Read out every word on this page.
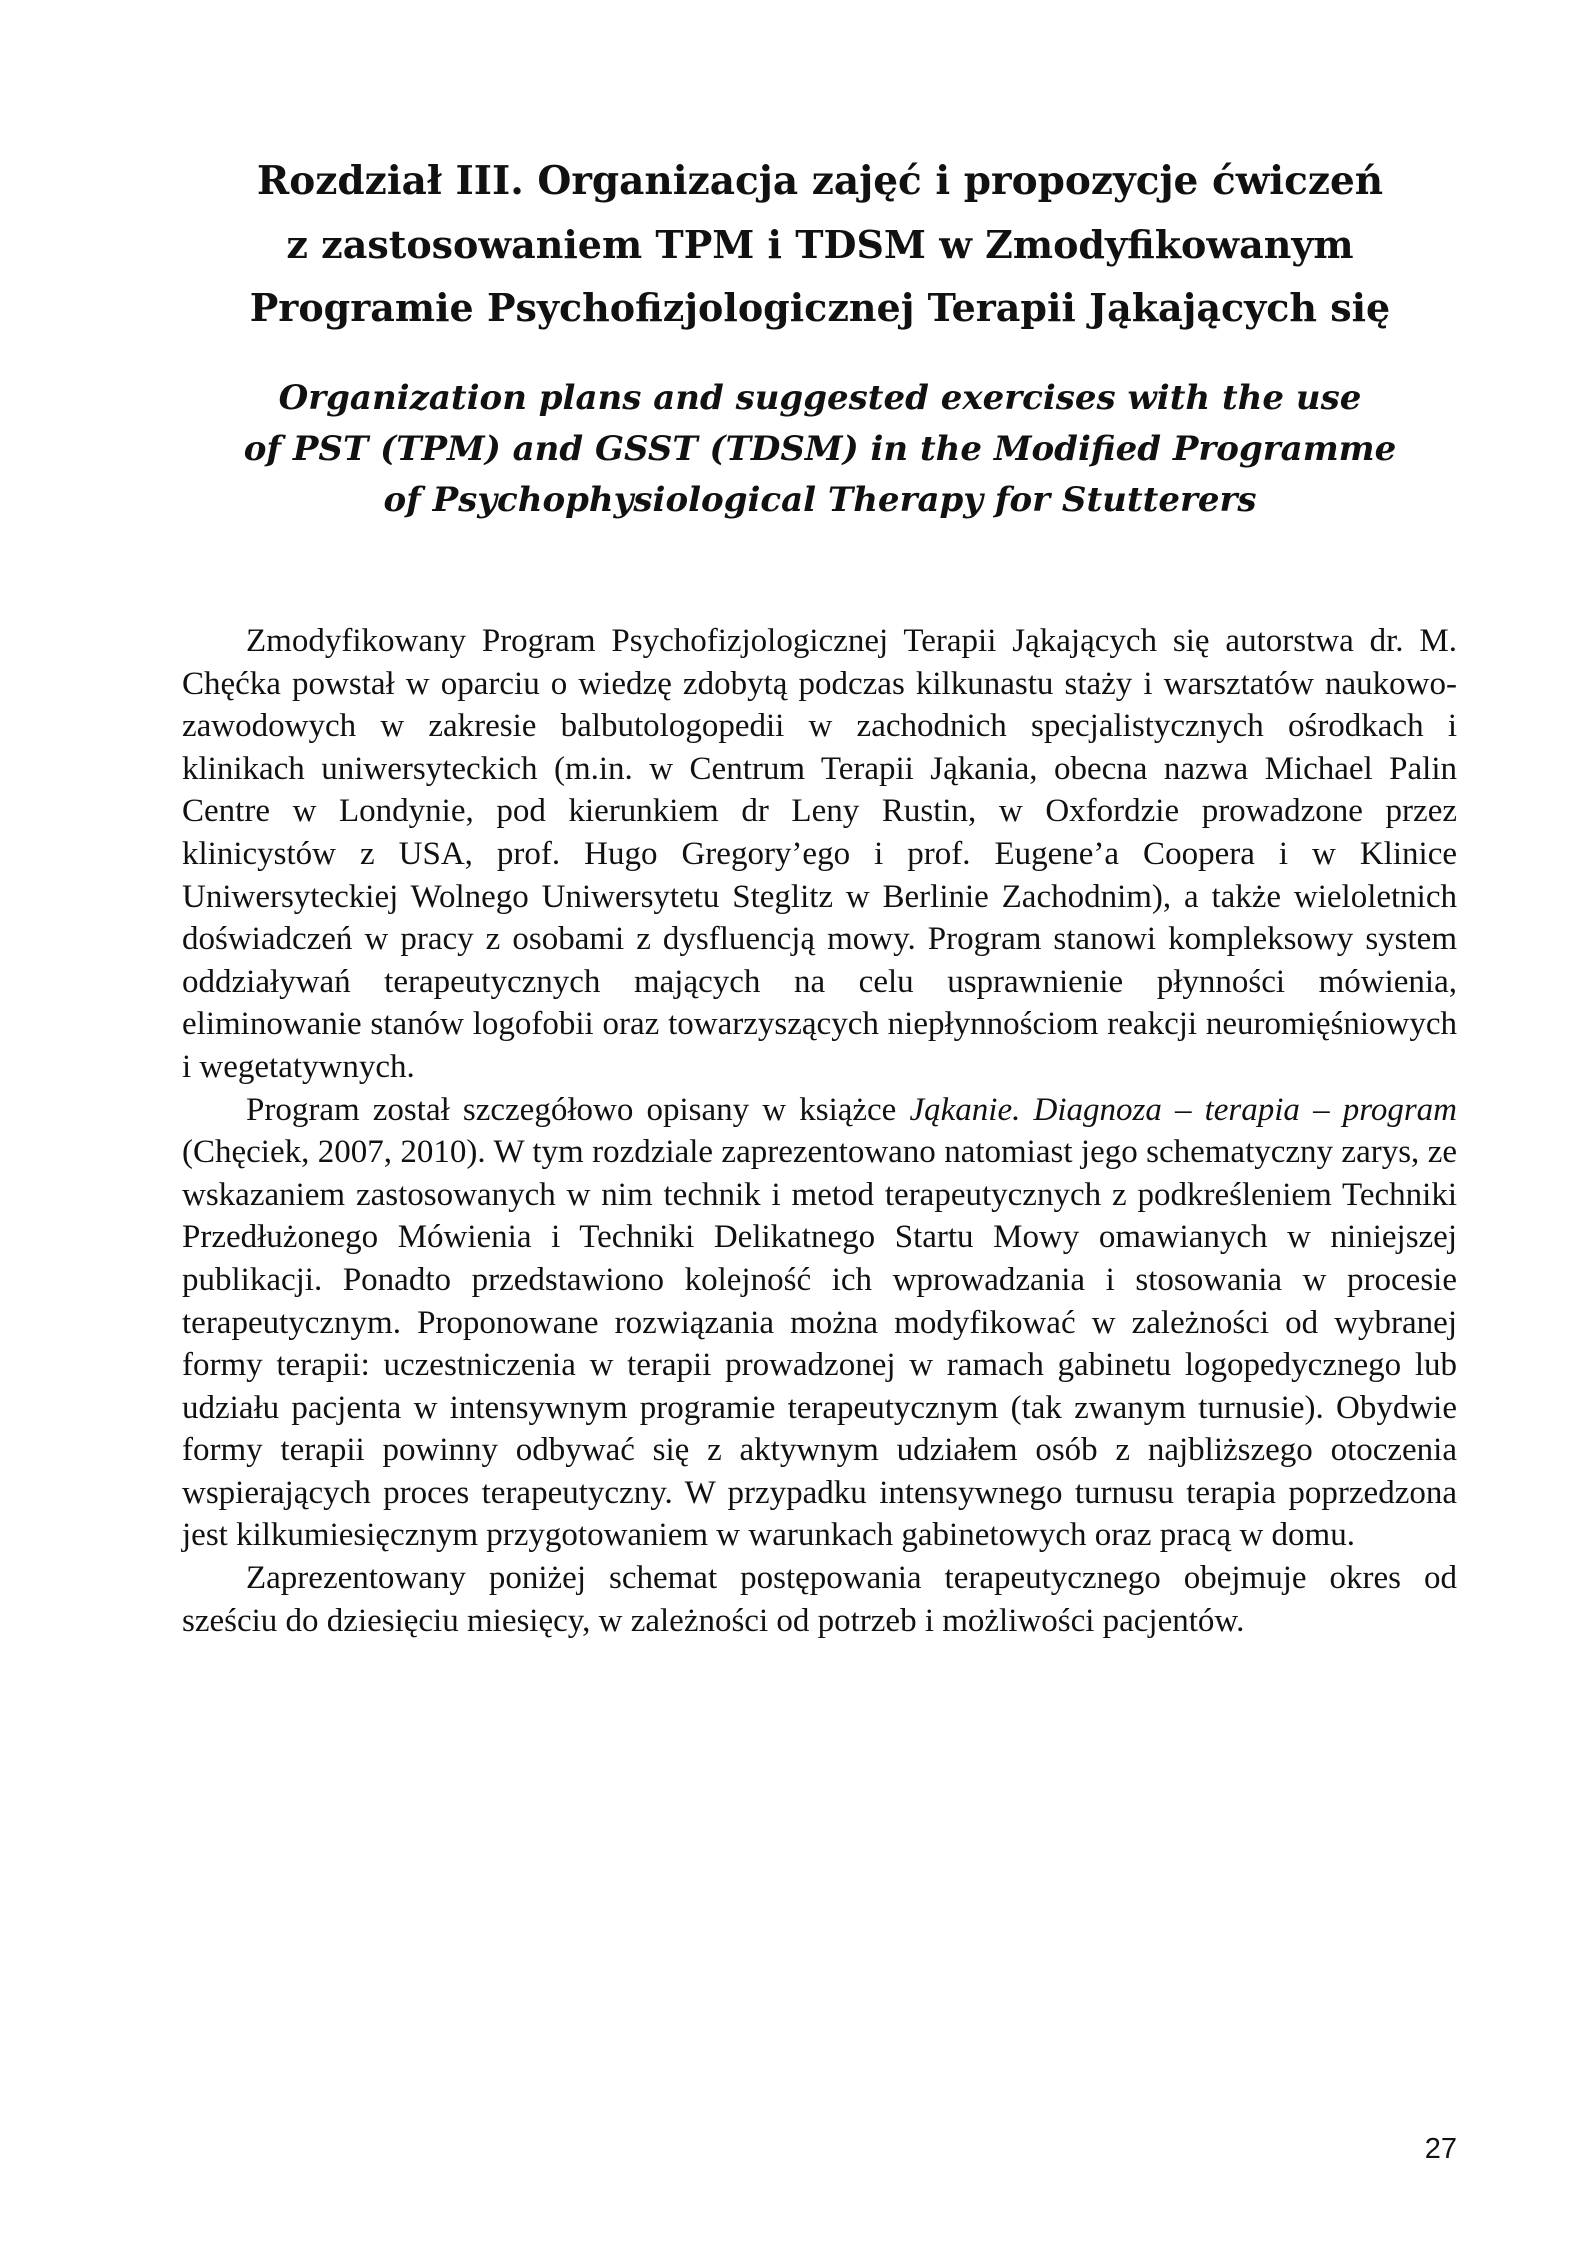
Rozdział III. Organizacja zajęć i propozycje ćwiczeń
z zastosowaniem TPM i TDSM w Zmodyfikowanym
Programie Psychofizjologicznej Terapii Jąkających się
Organization plans and suggested exercises with the use
of PST (TPM) and GSST (TDSM) in the Modified Programme
of Psychophysiological Therapy for Stutterers

Zmodyfikowany Program Psychofizjologicznej Terapii Jąkających się autorstwa dr. M. Chęćka powstał w oparciu o wiedzę zdobytą podczas kilkunastu staży i warsztatów naukowo-zawodowych w zakresie balbutologopedii w zachodnich specjalistycznych ośrodkach i klinikach uniwersyteckich (m.in. w Centrum Terapii Jąkania, obecna nazwa Michael Palin Centre w Londynie, pod kierunkiem dr Leny Rustin, w Oxfordzie prowadzone przez klinicystów z USA, prof. Hugo Gregory’ego i prof. Eugene’a Coopera i w Klinice Uniwersyteckiej Wolnego Uniwersytetu Steglitz w Berlinie Zachodnim), a także wieloletnich doświadczeń w pracy z osobami z dysfluencją mowy. Program stanowi kompleksowy system oddziaływań terapeutycznych mających na celu usprawnienie płynności mówienia, eliminowanie stanów logofobii oraz towarzyszących niepłynnościom reakcji neuromięśniowych i wegetatywnych.

Program został szczegółowo opisany w książce Jąkanie. Diagnoza – terapia – program (Chęciek, 2007, 2010). W tym rozdziale zaprezentowano natomiast jego schematyczny zarys, ze wskazaniem zastosowanych w nim technik i metod terapeutycznych z podkreśleniem Techniki Przedłużonego Mówienia i Techniki Delikatnego Startu Mowy omawianych w niniejszej publikacji. Ponadto przedstawiono kolejność ich wprowadzania i stosowania w procesie terapeutycznym. Proponowane rozwiązania można modyfikować w zależności od wybranej formy terapii: uczestniczenia w terapii prowadzonej w ramach gabinetu logopedycznego lub udziału pacjenta w intensywnym programie terapeutycznym (tak zwanym turnusie). Obydwie formy terapii powinny odbywać się z aktywnym udziałem osób z najbliższego otoczenia wspierających proces terapeutyczny. W przypadku intensywnego turnusu terapia poprzedzona jest kilkumiesięcznym przygotowaniem w warunkach gabinetowych oraz pracą w domu.

Zaprezentowany poniżej schemat postępowania terapeutycznego obejmuje okres od sześciu do dziesięciu miesięcy, w zależności od potrzeb i możliwości pacjentów.

27
